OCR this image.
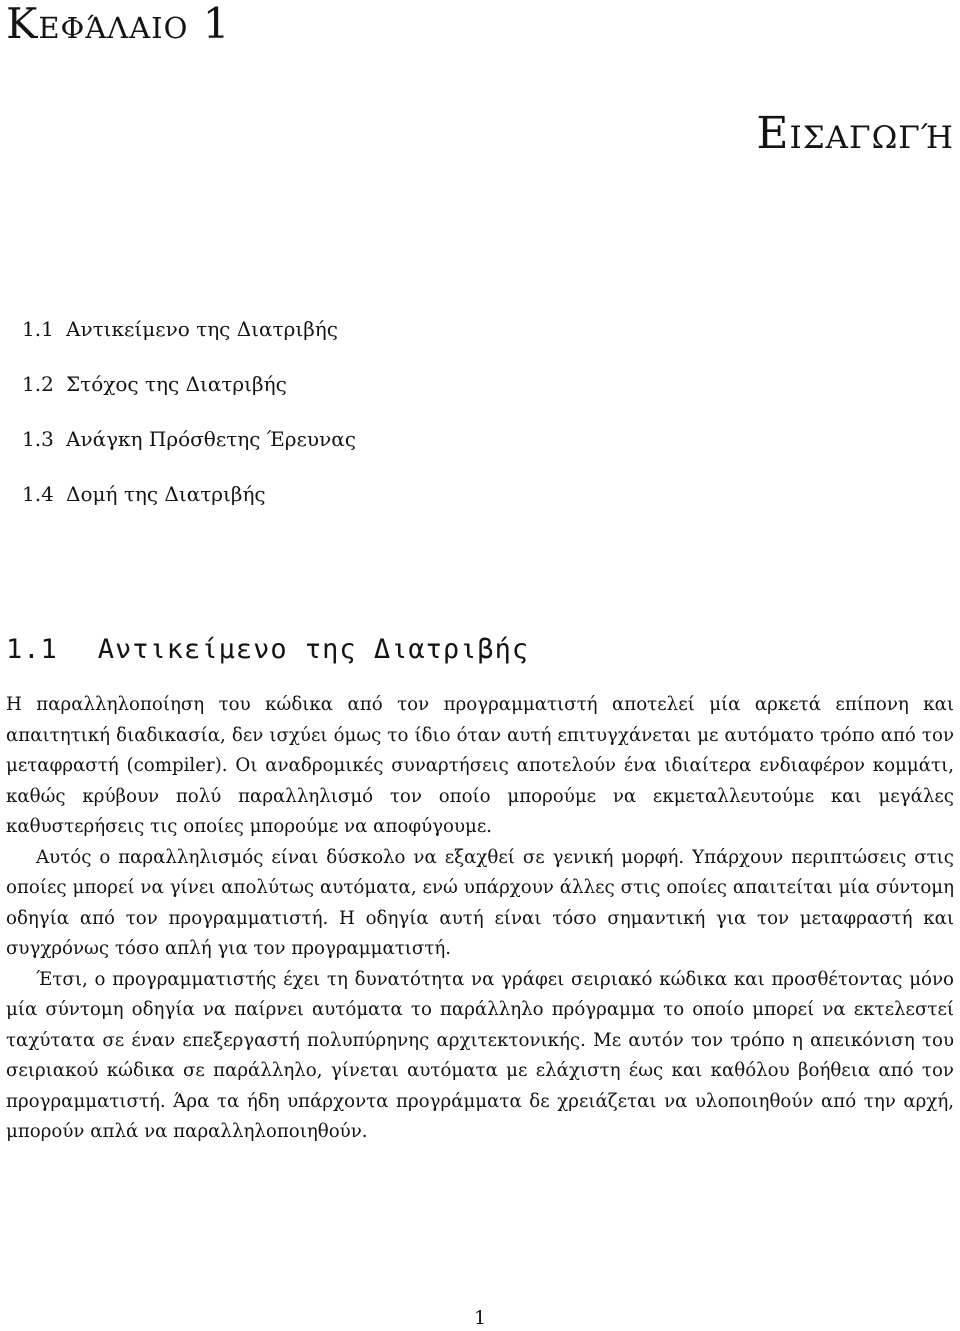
Κεφάλαιο 1
Εισαγωγή
1.1 Αντικείμενο της Διατριβής
1.2 Στόχος της Διατριβής
1.3 Ανάγκη Πρόσθετης Έρευνας
1.4 Δομή της Διατριβής
1.1 Αντικείμενο της Διατριβής

Η παραλληλοποίηση του κώδικα από τον προγραμματιστή αποτελεί μία αρκετά επίπονη και απαιτητική διαδικασία, δεν ισχύει όμως το ίδιο όταν αυτή επιτυγχάνεται με αυτόματο τρόπο από τον μεταφραστή (compiler). Οι αναδρομικές συναρτήσεις αποτελούν ένα ιδιαίτερα ενδιαφέρον κομμάτι, καθώς κρύβουν πολύ παραλληλισμό τον οποίο μπορούμε να εκμεταλλευτούμε και μεγάλες καθυστερήσεις τις οποίες μπορούμε να αποφύγουμε.

Αυτός ο παραλληλισμός είναι δύσκολο να εξαχθεί σε γενική μορφή. Υπάρχουν περιπτώσεις στις οποίες μπορεί να γίνει απολύτως αυτόματα, ενώ υπάρχουν άλλες στις οποίες απαιτείται μία σύντομη οδηγία από τον προγραμματιστή. Η οδηγία αυτή είναι τόσο σημαντική για τον μεταφραστή και συγχρόνως τόσο απλή για τον προγραμματιστή.

Έτσι, ο προγραμματιστής έχει τη δυνατότητα να γράφει σειριακό κώδικα και προσθέτοντας μόνο μία σύντομη οδηγία να παίρνει αυτόματα το παράλληλο πρόγραμμα το οποίο μπορεί να εκτελεστεί ταχύτατα σε έναν επεξεργαστή πολυπύρηνης αρχιτεκτονικής. Με αυτόν τον τρόπο η απεικόνιση του σειριακού κώδικα σε παράλληλο, γίνεται αυτόματα με ελάχιστη έως και καθόλου βοήθεια από τον προγραμματιστή. Άρα τα ήδη υπάρχοντα προγράμματα δε χρειάζεται να υλοποιηθούν από την αρχή, μπορούν απλά να παραλληλοποιηθούν.

1
